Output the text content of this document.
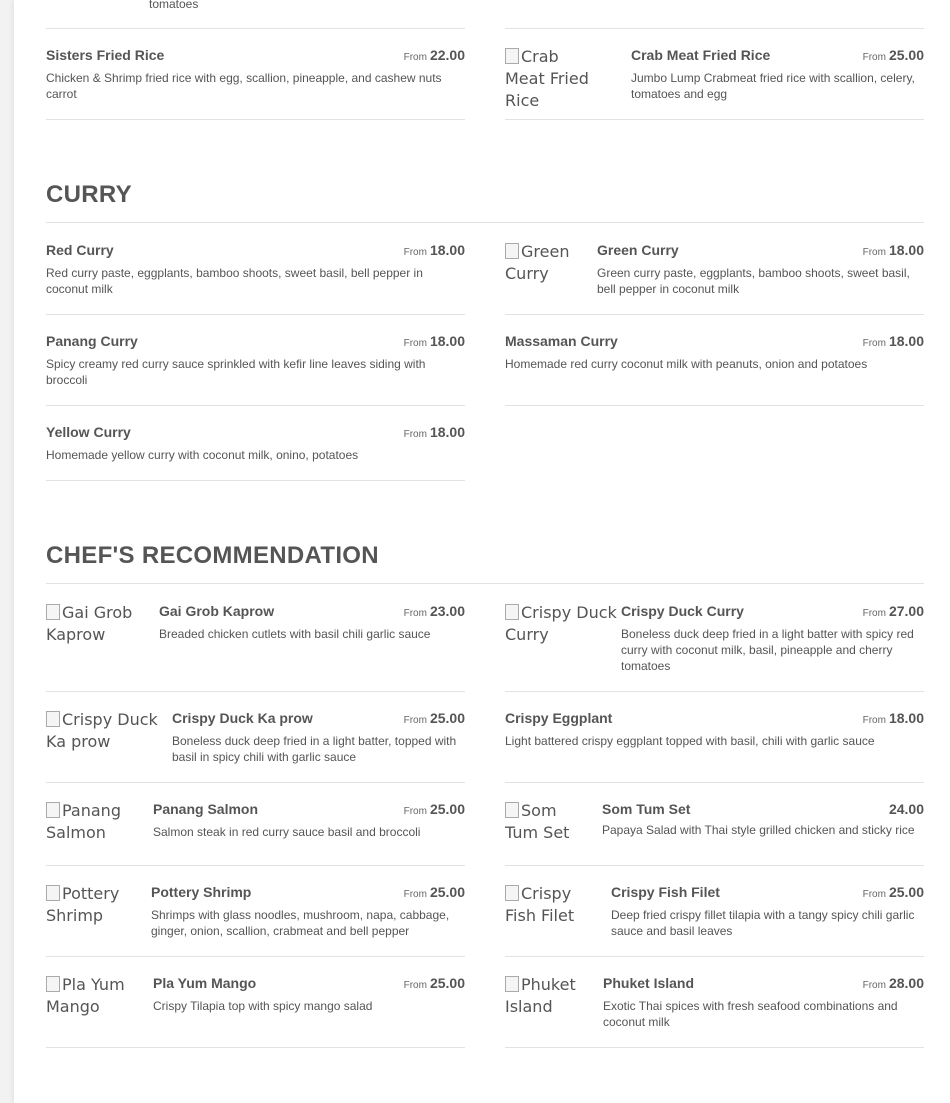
tomatoes
Sisters Fried Rice	From 22.00
Chicken & Shrimp fried rice with egg, scallion, pineapple, and cashew nuts carrot
Crab Meat Fried Rice
Crab Meat Fried Rice	From 25.00
Jumbo Lump Crabmeat fried rice with scallion, celery, tomatoes and egg
CURRY
Red Curry	From 18.00
Red curry paste, eggplants, bamboo shoots, sweet basil, bell pepper in coconut milk
Green Curry
Green Curry	From 18.00
Green curry paste, eggplants, bamboo shoots, sweet basil, bell pepper in coconut milk
Panang Curry	From 18.00
Spicy creamy red curry sauce sprinkled with kefir line leaves siding with broccoli
Massaman Curry	From 18.00
Homemade red curry coconut milk with peanuts, onion and potatoes
Yellow Curry	From 18.00
Homemade yellow curry with coconut milk, onino, potatoes
CHEF'S RECOMMENDATION
Gai Grob Kaprow
Gai Grob Kaprow	From 23.00
Breaded chicken cutlets with basil chili garlic sauce
Crispy Duck Curry
Crispy Duck Curry	From 27.00
Boneless duck deep fried in a light batter with spicy red curry with coconut milk, basil, pineapple and cherry tomatoes
Crispy Duck Ka prow
Crispy Duck Ka prow	From 25.00
Boneless duck deep fried in a light batter, topped with basil in spicy chili with garlic sauce
Crispy Eggplant	From 18.00
Light battered crispy eggplant topped with basil, chili with garlic sauce
Panang Salmon
Panang Salmon	From 25.00
Salmon steak in red curry sauce basil and broccoli
Som Tum Set
Som Tum Set	24.00
Papaya Salad with Thai style grilled chicken and sticky rice
Pottery Shrimp
Pottery Shrimp	From 25.00
Shrimps with glass noodles, mushroom, napa, cabbage, ginger, onion, scallion, crabmeat and bell pepper
Crispy Fish Filet
Crispy Fish Filet	From 25.00
Deep fried crispy fillet tilapia with a tangy spicy chili garlic sauce and basil leaves
Pla Yum Mango
Pla Yum Mango	From 25.00
Crispy Tilapia top with spicy mango salad
Phuket Island
Phuket Island	From 28.00
Exotic Thai spices with fresh seafood combinations and coconut milk
